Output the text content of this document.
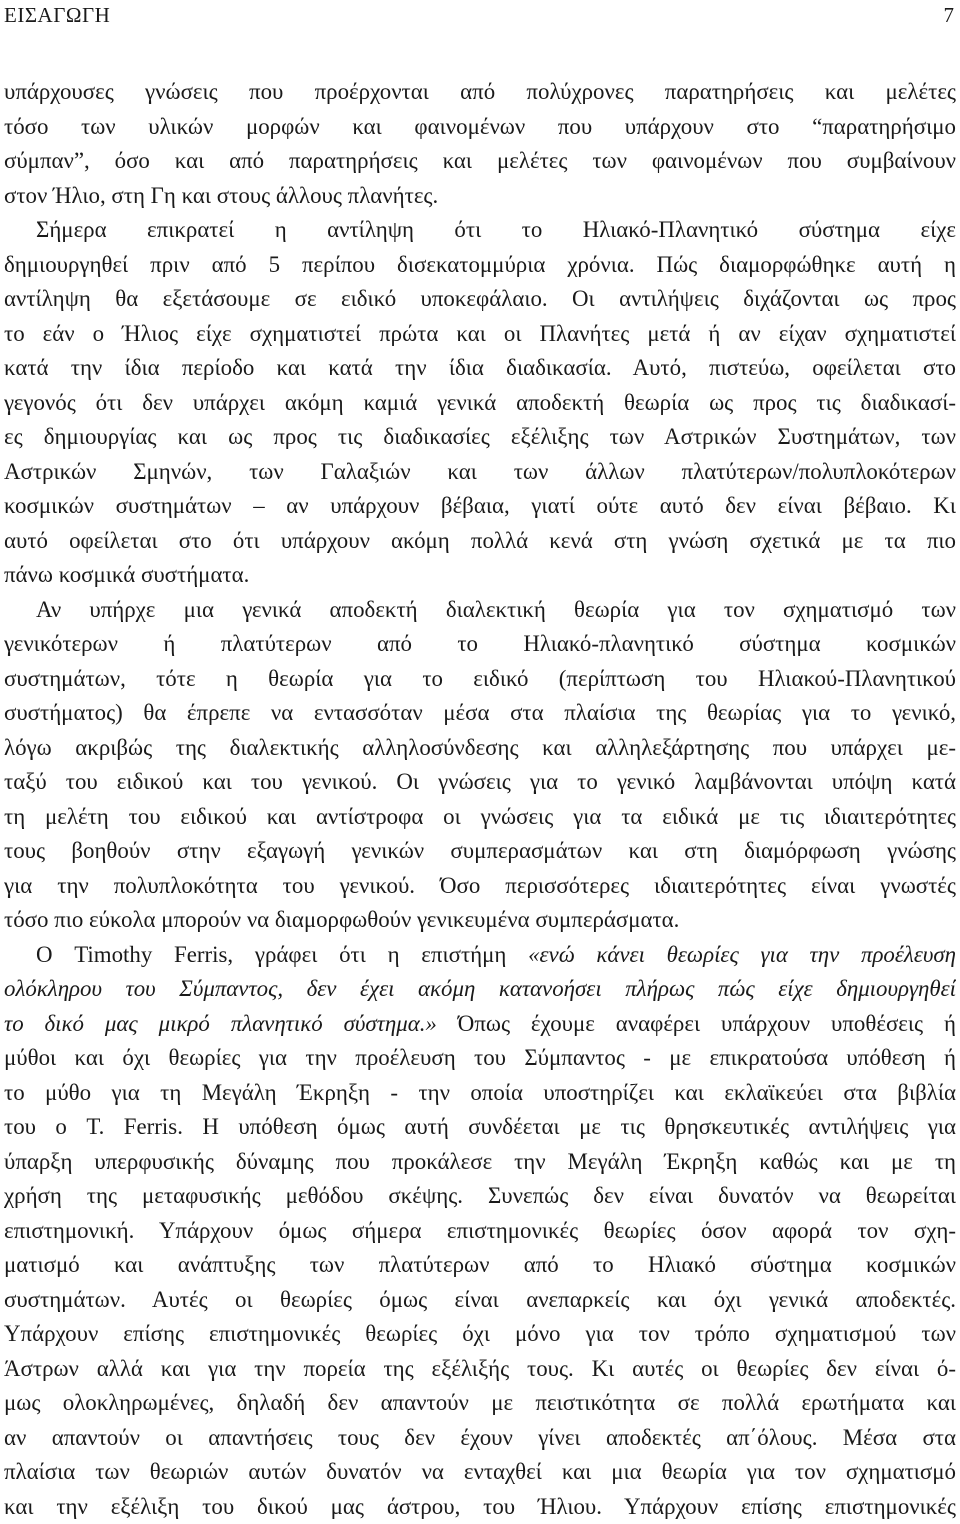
ΕΙΣΑΓΩΓΗ	7
υπάρχουσες γνώσεις που προέρχονται από πολύχρονες παρατηρήσεις και μελέτες
τόσο των υλικών μορφών και φαινομένων που υπάρχουν στο “παρατηρήσιμο
σύμπαν”, όσο και από παρατηρήσεις και μελέτες των φαινομένων που συμβαίνουν
στον Ήλιο, στη Γη και στους άλλους πλανήτες.
Σήμερα επικρατεί η αντίληψη ότι το Ηλιακό-Πλανητικό σύστημα είχε
δημιουργηθεί πριν από 5 περίπου δισεκατομμύρια χρόνια. Πώς διαμορφώθηκε αυτή η
αντίληψη θα εξετάσουμε σε ειδικό υποκεφάλαιο. Οι αντιλήψεις διχάζονται ως προς
το εάν ο Ήλιος είχε σχηματιστεί πρώτα και οι Πλανήτες μετά ή αν είχαν σχηματιστεί
κατά την ίδια περίοδο και κατά την ίδια διαδικασία. Αυτό, πιστεύω, οφείλεται στο
γεγονός ότι δεν υπάρχει ακόμη καμιά γενικά αποδεκτή θεωρία ως προς τις διαδικασί-
ες δημιουργίας και ως προς τις διαδικασίες εξέλιξης των Αστρικών Συστημάτων, των
Αστρικών Σμηνών, των Γαλαξιών και των άλλων πλατύτερων/πολυπλοκότερων
κοσμικών συστημάτων – αν υπάρχουν βέβαια, γιατί ούτε αυτό δεν είναι βέβαιο. Κι
αυτό οφείλεται στο ότι υπάρχουν ακόμη πολλά κενά στη γνώση σχετικά με τα πιο
πάνω κοσμικά συστήματα.
Αν υπήρχε μια γενικά αποδεκτή διαλεκτική θεωρία για τον σχηματισμό των
γενικότερων ή πλατύτερων από το Ηλιακό-πλανητικό σύστημα κοσμικών
συστημάτων, τότε η θεωρία για το ειδικό (περίπτωση του Ηλιακού-Πλανητικού
συστήματος) θα έπρεπε να εντασσόταν μέσα στα πλαίσια της θεωρίας για το γενικό,
λόγω ακριβώς της διαλεκτικής αλληλοσύνδεσης και αλληλεξάρτησης που υπάρχει με-
ταξύ του ειδικού και του γενικού. Οι γνώσεις για το γενικό λαμβάνονται υπόψη κατά
τη μελέτη του ειδικού και αντίστροφα οι γνώσεις για τα ειδικά με τις ιδιαιτερότητες
τους βοηθούν στην εξαγωγή γενικών συμπερασμάτων και στη διαμόρφωση γνώσης
για την πολυπλοκότητα του γενικού. Όσο περισσότερες ιδιαιτερότητες είναι γνωστές
τόσο πιο εύκολα μπορούν να διαμορφωθούν γενικευμένα συμπεράσματα.
Ο Timothy Ferris, γράφει ότι η επιστήμη «ενώ κάνει θεωρίες για την προέλευση
ολόκληρου του Σύμπαντος, δεν έχει ακόμη κατανοήσει πλήρως πώς είχε δημιουργηθεί
το δικό μας μικρό πλανητικό σύστημα.» Όπως έχουμε αναφέρει υπάρχουν υποθέσεις ή
μύθοι και όχι θεωρίες για την προέλευση του Σύμπαντος - με επικρατούσα υπόθεση ή
το μύθο για τη Μεγάλη Έκρηξη - την οποία υποστηρίζει και εκλαϊκεύει στα βιβλία
του ο T. Ferris. Η υπόθεση όμως αυτή συνδέεται με τις θρησκευτικές αντιλήψεις για
ύπαρξη υπερφυσικής δύναμης που προκάλεσε την Μεγάλη Έκρηξη καθώς και με τη
χρήση της μεταφυσικής μεθόδου σκέψης. Συνεπώς δεν είναι δυνατόν να θεωρείται
επιστημονική. Υπάρχουν όμως σήμερα επιστημονικές θεωρίες όσον αφορά τον σχη-
ματισμό και ανάπτυξης των πλατύτερων από το Ηλιακό σύστημα κοσμικών
συστημάτων. Αυτές οι θεωρίες όμως είναι ανεπαρκείς και όχι γενικά αποδεκτές.
Υπάρχουν επίσης επιστημονικές θεωρίες όχι μόνο για τον τρόπο σχηματισμού των
Άστρων αλλά και για την πορεία της εξέλιξής τους. Κι αυτές οι θεωρίες δεν είναι ό-
μως ολοκληρωμένες, δηλαδή δεν απαντούν με πειστικότητα σε πολλά ερωτήματα και
αν απαντούν οι απαντήσεις τους δεν έχουν γίνει αποδεκτές απ΄όλους. Μέσα στα
πλαίσια των θεωριών αυτών δυνατόν να ενταχθεί και μια θεωρία για τον σχηματισμό
και την εξέλιξη του δικού μας άστρου, του Ήλιου. Υπάρχουν επίσης επιστημονικές
